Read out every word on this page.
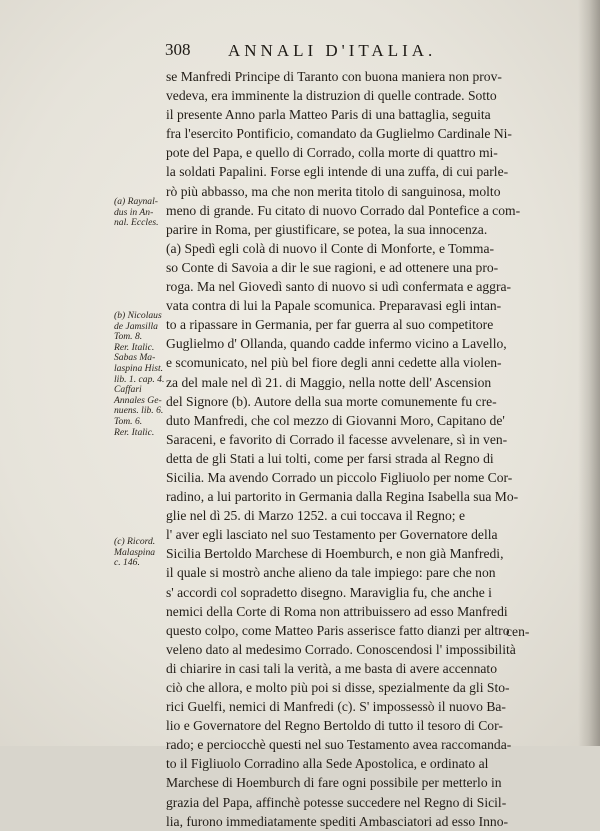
308 ANNALI D'ITALIA.
se Manfredi Principe di Taranto con buona maniera non prov-
vedeva, era imminente la distruzion di quelle contrade. Sotto
il presente Anno parla Matteo Paris di una battaglia, seguita
fra l'esercito Pontificio, comandato da Guglielmo Cardinale Ni-
pote del Papa, e quello di Corrado, colla morte di quattro mi-
la soldati Papalini. Forse egli intende di una zuffa, di cui parle-
rò più abbasso, ma che non merita titolo di sanguinosa, molto
meno di grande. Fu citato di nuovo Corrado dal Pontefice a com-
parire in Roma, per giustificare, se potea, la sua innocenza.
(a) Spedì egli colà di nuovo il Conte di Monforte, e Tomma-
so Conte di Savoia a dir le sue ragioni, e ad ottenere una pro-
roga. Ma nel Giovedì santo di nuovo si udì confermata e aggra-
vata contra di lui la Papale scomunica. Preparavasi egli intan-
to a ripassare in Germania, per far guerra al suo competitore
Guglielmo d' Ollanda, quando cadde infermo vicino a Lavello,
e scomunicato, nel più bel fiore degli anni cedette alla violen-
za del male nel dì 21. di Maggio, nella notte dell' Ascension
del Signore (b). Autore della sua morte comunemente fu cre-
duto Manfredi, che col mezzo di Giovanni Moro, Capitano de'
Saraceni, e favorito di Corrado il facesse avvelenare, sì in ven-
detta de gli Stati a lui tolti, come per farsi strada al Regno di
Sicilia. Ma avendo Corrado un piccolo Figliuolo per nome Cor-
radino, a lui partorito in Germania dalla Regina Isabella sua Mo-
glie nel dì 25. di Marzo 1252. a cui toccava il Regno; e
l' aver egli lasciato nel suo Testamento per Governatore della
Sicilia Bertoldo Marchese di Hoemburch, e non già Manfredi,
il quale si mostrò anche alieno da tale impiego: pare che non
s' accordi col sopradetto disegno. Maraviglia fu, che anche i
nemici della Corte di Roma non attribuissero ad esso Manfredi
questo colpo, come Matteo Paris asserisce fatto dianzi per altro
veleno dato al medesimo Corrado. Conoscendosi l' impossibilità
di chiarire in casi tali la verità, a me basta di avere accennato
ciò che allora, e molto più poi si disse, spezialmente da gli Sto-
rici Guelfi, nemici di Manfredi (c). S' impossessò il nuovo Ba-
lio e Governatore del Regno Bertoldo di tutto il tesoro di Cor-
rado; e perciocchè questi nel suo Testamento avea raccomanda-
to il Figliuolo Corradino alla Sede Apostolica, e ordinato al
Marchese di Hoemburch di fare ogni possibile per metterlo in
grazia del Papa, affinchè potesse succedere nel Regno di Sicil-
lia, furono immediatamente spediti Ambasciatori ad esso Inno-
cen-
(a) Raynal-
dus in An-
nal. Eccles.
(b) Nicolaus
de Jamsilla
Tom. 8.
Rer. Italic.
Sabas Ma-
laspina Hist.
lib. 1. cap. 4.
Caffari
Annales Ge-
nuens. lib. 6.
Tom. 6.
Rer. Italic.
(c) Ricord.
Malaspina
c. 146.
